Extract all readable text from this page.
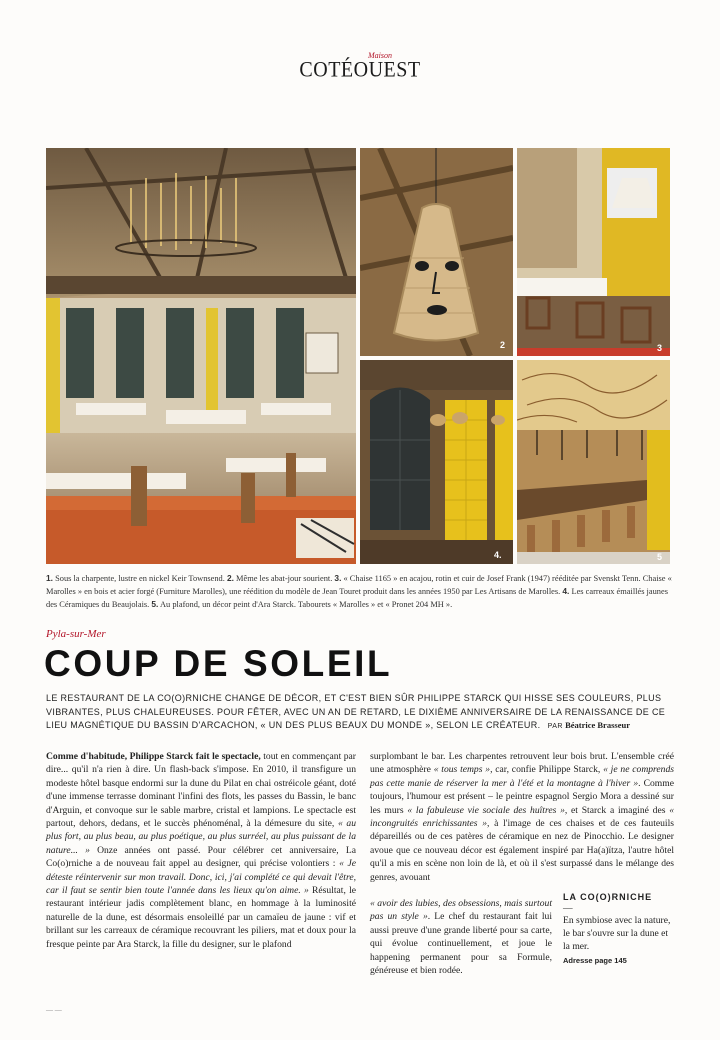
Maison
COTÉOUEST
2	3
4.	5
1. Sous la charpente, lustre en nickel Keir Townsend. 2. Même les abat-jour sourient. 3. « Chaise 1165 » en acajou, rotin et cuir de Josef Frank (1947) rééditée par Svenskt Tenn. Chaise « Marolles » en bois et acier forgé (Furniture Marolles), une réédition du modèle de Jean Touret produit dans les années 1950 par Les Artisans de Marolles. 4. Les carreaux émaillés jaunes des Céramiques du Beaujolais. 5. Au plafond, un décor peint d'Ara Starck. Tabourets « Marolles » et « Pronet 204 MH ».
Pyla-sur-Mer
COUP DE SOLEIL
LE RESTAURANT DE LA CO(O)RNICHE CHANGE DE DÉCOR, ET C'EST BIEN SÛR PHILIPPE STARCK QUI HISSE SES COULEURS, PLUS VIBRANTES, PLUS CHALEUREUSES. POUR FÊTER, AVEC UN AN DE RETARD, LE DIXIÈME ANNIVERSAIRE DE LA RENAISSANCE DE CE LIEU MAGNÉTIQUE DU BASSIN D'ARCACHON, « UN DES PLUS BEAUX DU MONDE », SELON LE CRÉATEUR. PAR Béatrice Brasseur
Comme d'habitude, Philippe Starck fait le spectacle, tout en commençant par dire... qu'il n'a rien à dire. Un flash-back s'impose. En 2010, il transfigure un modeste hôtel basque endormi sur la dune du Pilat en chai ostréicole géant, doté d'une immense terrasse dominant l'infini des flots, les passes du Bassin, le banc d'Arguin, et convoque sur le sable marbre, cristal et lampions. Le spectacle est partout, dehors, dedans, et le succès phénoménal, à la démesure du site, « au plus fort, au plus beau, au plus poétique, au plus surréel, au plus puissant de la nature... » Onze années ont passé. Pour célébrer cet anniversaire, La Co(o)rniche a de nouveau fait appel au designer, qui précise volontiers : « Je déteste réintervenir sur mon travail. Donc, ici, j'ai complété ce qui devait l'être, car il faut se sentir bien toute l'année dans les lieux qu'on aime. » Résultat, le restaurant intérieur jadis complètement blanc, en hommage à la luminosité naturelle de la dune, est désormais ensoleillé par un camaïeu de jaune : vif et brillant sur les carreaux de céramique recouvrant les piliers, mat et doux pour la fresque peinte par Ara Starck, la fille du designer, sur le plafond
surplombant le bar. Les charpentes retrouvent leur bois brut. L'ensemble créé une atmosphère « tous temps », car, confie Philippe Starck, « je ne comprends pas cette manie de réserver la mer à l'été et la montagne à l'hiver ». Comme toujours, l'humour est présent – le peintre espagnol Sergio Mora a dessiné sur les murs « la fabuleuse vie sociale des huîtres », et Starck a imaginé des « incongruités enrichissantes », à l'image de ces chaises et de ces fauteuils dépareillés ou de ces patères de céramique en nez de Pinocchio. Le designer avoue que ce nouveau décor est également inspiré par Ha(a)ïtza, l'autre hôtel qu'il a mis en scène non loin de là, et où il s'est surpassé dans le mélange des genres, avouant
« avoir des lubies, des obsessions, mais surtout pas un style ». Le chef du restaurant fait lui aussi preuve d'une grande liberté pour sa carte, qui évolue continuellement, et joue le happening permanent pour sa Formule, généreuse et bien rodée.
LA CO(O)RNICHE
—
En symbiose avec la nature, le bar s'ouvre sur la dune et la mer.
Adresse page 145
— —
